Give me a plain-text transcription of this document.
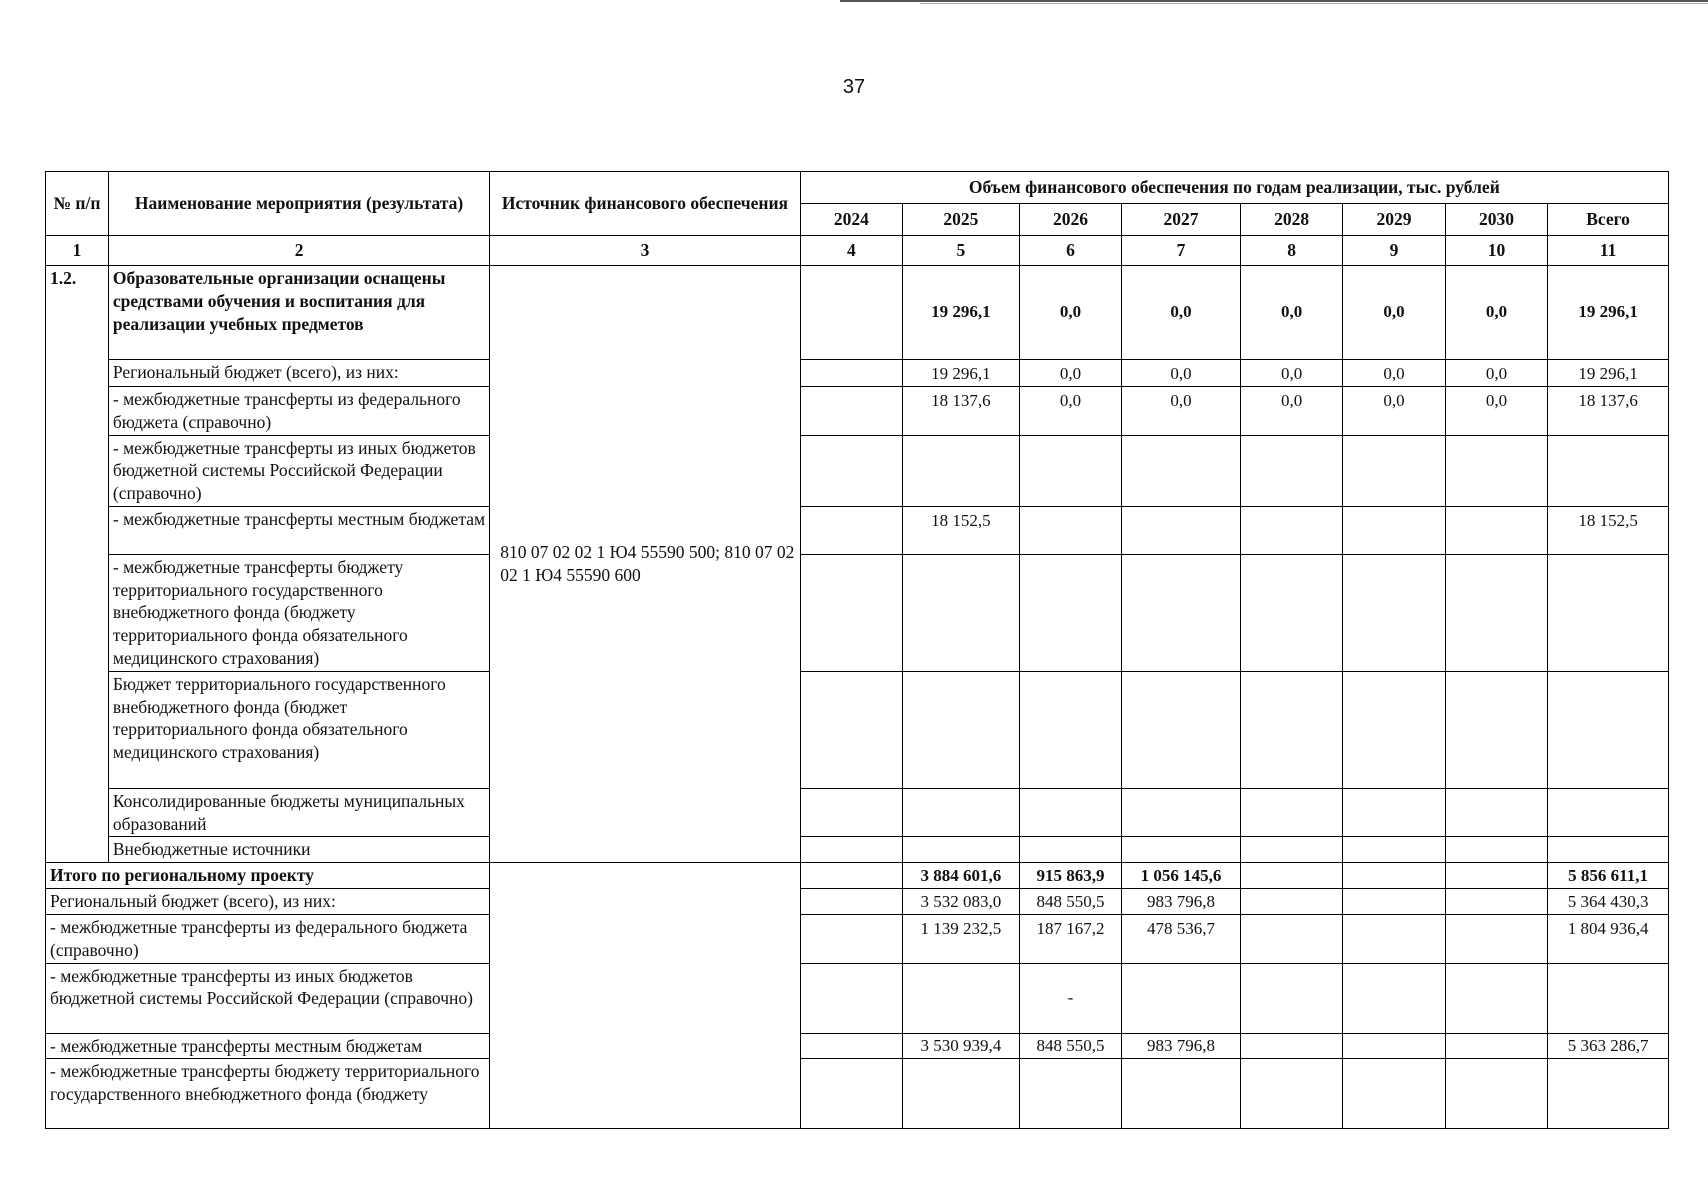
37
№ п/п	Наименование мероприятия (результата)	Источник финансового обеспечения	Объем финансового обеспечения по годам реализации, тыс. рублей							
			2024	2025	2026	2027	2028	2029	2030	Всего
1	2	3	4	5	6	7	8	9	10	11
1.2.	Образовательные организации оснащены средствами обучения и воспитания для реализации учебных предметов	810 07 02 02 1 Ю4 55590 500; 810 07 02 02 1 Ю4 55590 600		19 296,1	0,0	0,0	0,0	0,0	0,0	19 296,1
	Региональный бюджет (всего), из них:			19 296,1	0,0	0,0	0,0	0,0	0,0	19 296,1
	- межбюджетные трансферты из федерального бюджета (справочно)			18 137,6	0,0	0,0	0,0	0,0	0,0	18 137,6
	- межбюджетные трансферты из иных бюджетов бюджетной системы Российской Федерации (справочно)									
	- межбюджетные трансферты местным бюджетам			18 152,5						18 152,5
	- межбюджетные трансферты бюджету территориального государственного внебюджетного фонда (бюджету территориального фонда обязательного медицинского страхования)									
	Бюджет территориального государственного внебюджетного фонда (бюджет территориального фонда обязательного медицинского страхования)									
	Консолидированные бюджеты муниципальных образований									
	Внебюджетные источники									
Итого по региональному проекту				3 884 601,6	915 863,9	1 056 145,6				5 856 611,1
Региональный бюджет (всего), из них:				3 532 083,0	848 550,5	983 796,8				5 364 430,3
- межбюджетные трансферты из федерального бюджета (справочно)				1 139 232,5	187 167,2	478 536,7				1 804 936,4
- межбюджетные трансферты из иных бюджетов бюджетной системы Российской Федерации (справочно)					-					
- межбюджетные трансферты местным бюджетам				3 530 939,4	848 550,5	983 796,8				5 363 286,7
- межбюджетные трансферты бюджету территориального государственного внебюджетного фонда (бюджету										
